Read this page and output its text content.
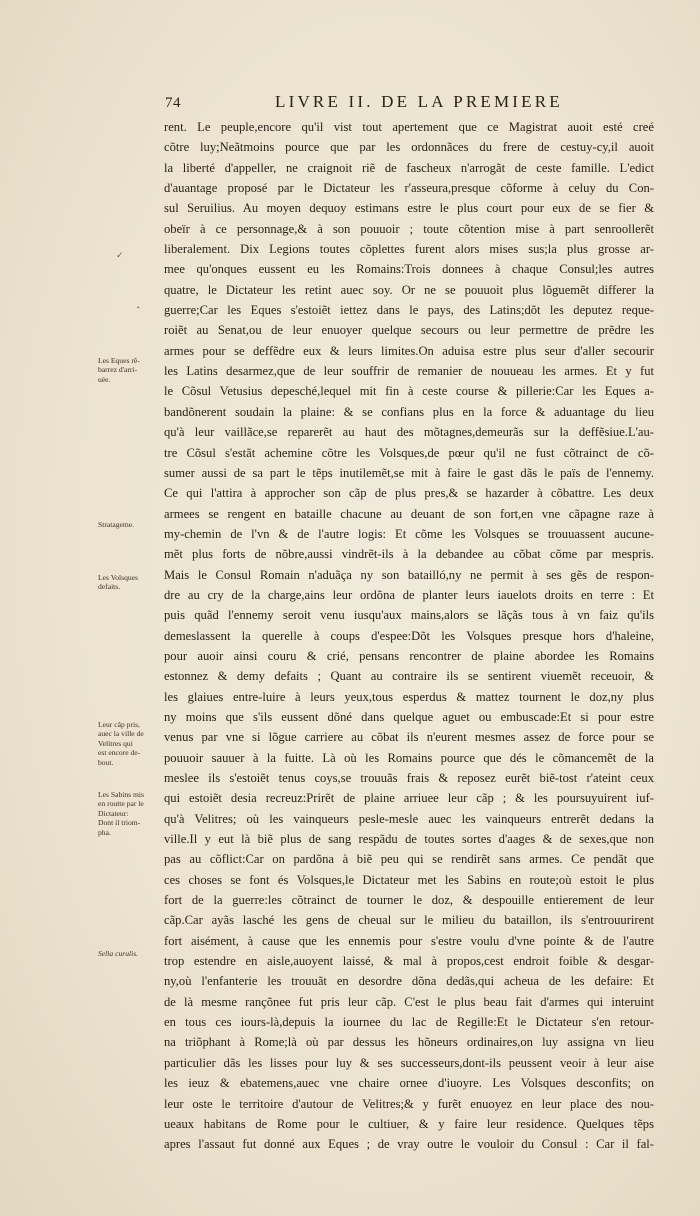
74	LIVRE II. DE LA PREMIERE
rent. Le peuple,encore qu'il vist tout apertement que ce Magistrat auoit esté creé
cõtre luy;Neãtmoins pource que par les ordonnãces du frere de cestuy-cy,il auoit
la liberté d'appeller, ne craignoit riẽ de fascheux n'arrogãt de ceste famille. L'edict
d'auantage proposé par le Dictateur les r'asseura,presque cõforme à celuy du Con-
sul Seruilius. Au moyen dequoy estimans estre le plus court pour eux de se fier &
obeïr à ce personnage,& à son pouuoir ; toute cõtention mise à part senroollerẽt
liberalement. Dix Legions toutes cõplettes furent alors mises sus;la plus grosse ar-
mee qu'onques eussent eu les Romains:Trois donnees à chaque Consul;les autres
quatre, le Dictateur les retint auec soy. Or ne se pouuoit plus lõguemẽt differer la
guerre;Car les Eques s'estoiẽt iettez dans le pays, des Latins;dõt les deputez reque-
roiẽt au Senat,ou de leur enuoyer quelque secours ou leur permettre de prẽdre les
armes pour se deffẽdre eux & leurs limites.On aduisa estre plus seur d'aller secourir
les Latins desarmez,que de leur souffrir de remanier de nouueau les armes. Et y fut
le Cõsul Vetusius depesché,lequel mit fin à ceste course & pillerie:Car les Eques a-
bandõnerent soudain la plaine: & se confians plus en la force & aduantage du lieu
qu'à leur vaillãce,se reparerẽt au haut des mõtagnes,demeurãs sur la deffẽsiue.L'au-
tre Cõsul s'estãt achemine cõtre les Volsques,de pœur qu'il ne fust cõtrainct de cõ-
sumer aussi de sa part le tẽps inutilemẽt,se mit à faire le gast dãs le païs de l'ennemy.
Ce qui l'attira à approcher son cãp de plus pres,& se hazarder à cõbattre. Les deux
armees se rengent en bataille chacune au deuant de son fort,en vne cãpagne raze à
my-chemin de l'vn & de l'autre logis: Et cõme les Volsques se trouuassent aucune-
mẽt plus forts de nõbre,aussi vindrẽt-ils à la debandee au cõbat cõme par mespris.
Mais le Consul Romain n'aduãça ny son batailló,ny ne permit à ses gẽs de respon-
dre au cry de la charge,ains leur ordõna de planter leurs iauelots droits en terre : Et
puis quãd l'ennemy seroit venu iusqu'aux mains,alors se lãçãs tous à vn faiz qu'ils
demeslassent la querelle à coups d'espee:Dõt les Volsques presque hors d'haleine,
pour auoir ainsi couru & crié, pensans rencontrer de plaine abordee les Romains
estonnez & demy defaits ; Quant au contraire ils se sentirent viuemẽt receuoir, &
les glaiues entre-luire à leurs yeux,tous esperdus & mattez tournent le doz,ny plus
ny moins que s'ils eussent dõné dans quelque aguet ou embuscade:Et si pour estre
venus par vne si lõgue carriere au cõbat ils n'eurent mesmes assez de force pour se
pouuoir sauuer à la fuitte. Là où les Romains pource que dés le cõmancemẽt de la
meslee ils s'estoiẽt tenus coys,se trouuãs frais & reposez eurẽt biẽ-tost r'ateint ceux
qui estoiẽt desia recreuz:Prirẽt de plaine arriuee leur cãp ; & les poursuyuirent iuf-
qu'à Velitres; où les vainqueurs pesle-mesle auec les vainqueurs entrerẽt dedans la
ville.Il y eut là biẽ plus de sang respãdu de toutes sortes d'aages & de sexes,que non
pas au cõflict:Car on pardõna à biẽ peu qui se rendirẽt sans armes. Ce pendãt que
ces choses se font és Volsques,le Dictateur met les Sabins en route;où estoit le plus
fort de la guerre:les cõtrainct de tourner le doz, & despouille entierement de leur
cãp.Car ayãs lasché les gens de cheual sur le milieu du bataillon, ils s'entrouurirent
fort aisément, à cause que les ennemis pour s'estre voulu d'vne pointe & de l'autre
trop estendre en aisle,auoyent laissé, & mal à propos,cest endroit foible & desgar-
ny,où l'enfanterie les trouuãt en desordre dõna dedãs,qui acheua de les defaire: Et
de là mesme rançõnee fut pris leur cãp. C'est le plus beau fait d'armes qui interuint
en tous ces iours-là,depuis la iournee du lac de Regille:Et le Dictateur s'en retour-
na triõphant à Rome;là où par dessus les hõneurs ordinaires,on luy assigna vn lieu
particulier dãs les lisses pour luy & ses successeurs,dont-ils peussent veoir à leur aise
les ieuz & ebatemens,auec vne chaire ornee d'iuoyre. Les Volsques desconfits; on
leur oste le territoire d'autour de Velitres;& y furẽt enuoyez en leur place des nou-
ueaux habitans de Rome pour le cultiuer, & y faire leur residence. Quelques tẽps
apres l'assaut fut donné aux Eques ; de vray outre le vouloir du Consul : Car il fal-
Les Eques rẽ-
barrez d'arri-
uée.
Stratageme.
Les Volsques
defaits.
Leur cãp pris,
auec la ville de
Velitres qui
est encore de-
bout.
Les Sabins mis
en routte par le
Dictateur:
Dont il triom-
pha.
Sella curulis.
✓
•
